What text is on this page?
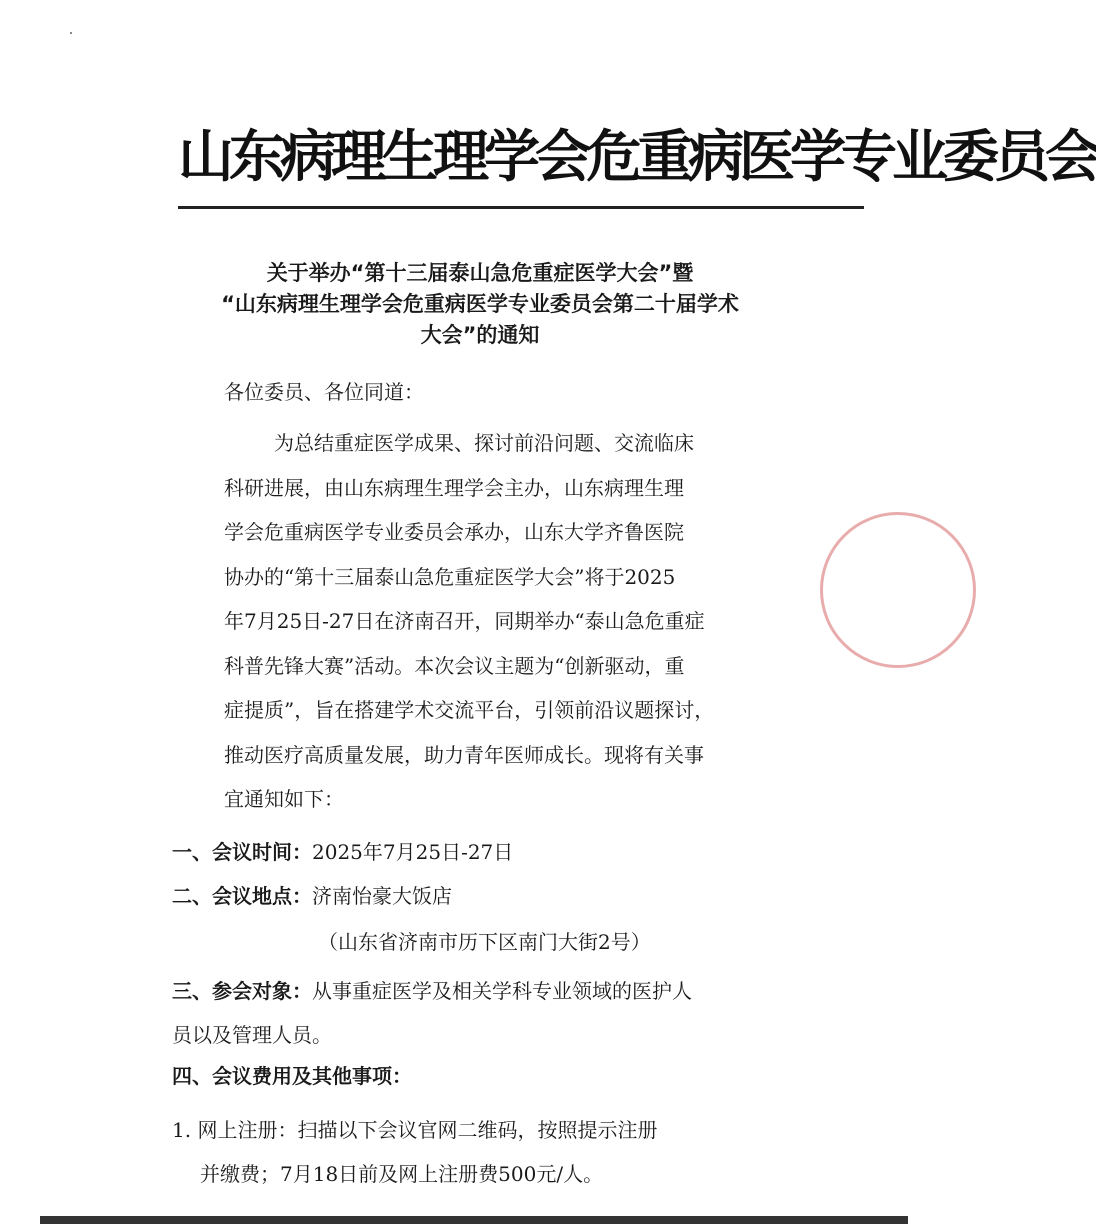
山东病理生理学会危重病医学专业委员会
关于举办“第十三届泰山急危重症医学大会”暨
“山东病理生理学会危重病医学专业委员会第二十届学术
大会”的通知
各位委员、各位同道：
为总结重症医学成果、探讨前沿问题、交流临床
科研进展，由山东病理生理学会主办，山东病理生理
学会危重病医学专业委员会承办，山东大学齐鲁医院
协办的“第十三届泰山急危重症医学大会”将于2025
年7月25日-27日在济南召开，同期举办“泰山急危重症
科普先锋大赛”活动。本次会议主题为“创新驱动，重
症提质”，旨在搭建学术交流平台，引领前沿议题探讨，
推动医疗高质量发展，助力青年医师成长。现将有关事
宜通知如下：
一、会议时间：2025年7月25日-27日
二、会议地点：济南怡豪大饭店
（山东省济南市历下区南门大街2号）
三、参会对象：从事重症医学及相关学科专业领域的医护人
员以及管理人员。
四、会议费用及其他事项：
1. 网上注册：扫描以下会议官网二维码，按照提示注册
并缴费；7月18日前及网上注册费500元/人。
